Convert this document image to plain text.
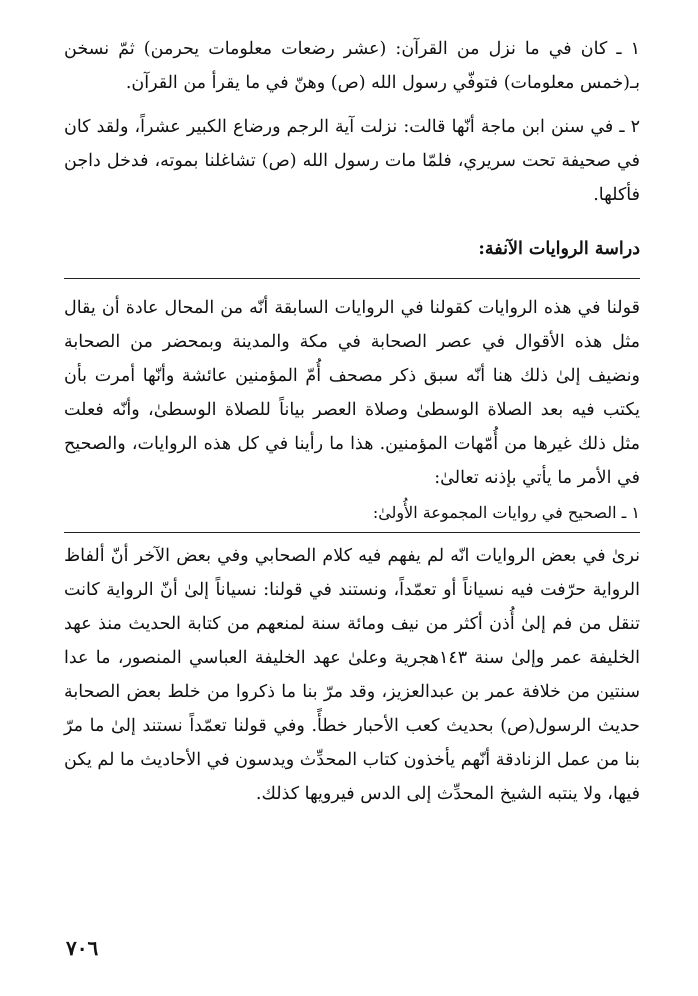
١ ـ كان في ما نزل من القرآن: (عشر رضعات معلومات يحرمن) ثمّ نسخن بـ(خمس معلومات) فتوفّي رسول الله (ص) وهنّ في ما يقرأ من القرآن.

٢ ـ في سنن ابن ماجة أنّها قالت: نزلت آية الرجم ورضاع الكبير عشراً، ولقد كان في صحيفة تحت سريري، فلمّا مات رسول الله (ص) تشاغلنا بموته، فدخل داجن فأكلها.

دراسة الروايات الآنفة:

قولنا في هذه الروايات كقولنا في الروايات السابقة أنّه من المحال عادة أن يقال مثل هذه الأقوال في عصر الصحابة في مكة والمدينة وبمحضر من الصحابة ونضيف إلىٰ ذلك هنا أنّه سبق ذكر مصحف أُمّ المؤمنين عائشة وأنّها أمرت بأن يكتب فيه بعد الصلاة الوسطىٰ وصلاة العصر بياناً للصلاة الوسطىٰ، وأنّه فعلت مثل ذلك غيرها من أُمّهات المؤمنين. هذا ما رأينا في كل هذه الروايات، والصحيح في الأمر ما يأتي بإذنه تعالىٰ:

١ ـ الصحيح في روايات المجموعة الأُولىٰ:

نرىٰ في بعض الروايات انّه لم يفهم فيه كلام الصحابي وفي بعض الآخر أنّ ألفاظ الرواية حرّفت فيه نسياناً أو تعمّداً، ونستند في قولنا: نسياناً إلىٰ أنّ الرواية كانت تنقل من فم إلىٰ أُذن أكثر من نيف ومائة سنة لمنعهم من كتابة الحديث منذ عهد الخليفة عمر وإلىٰ سنة ١٤٣هجرية وعلىٰ عهد الخليفة العباسي المنصور، ما عدا سنتين من خلافة عمر بن عبدالعزيز، وقد مرّ بنا ما ذكروا من خلط بعض الصحابة حديث الرسول(ص) بحديث كعب الأحبار خطأً. وفي قولنا تعمّداً نستند إلىٰ ما مرّ بنا من عمل الزنادقة أنّهم يأخذون كتاب المحدِّث ويدسون في الأحاديث ما لم يكن فيها، ولا ينتبه الشيخ المحدِّث إلى الدس فيرويها كذلك.

٧٠٦
